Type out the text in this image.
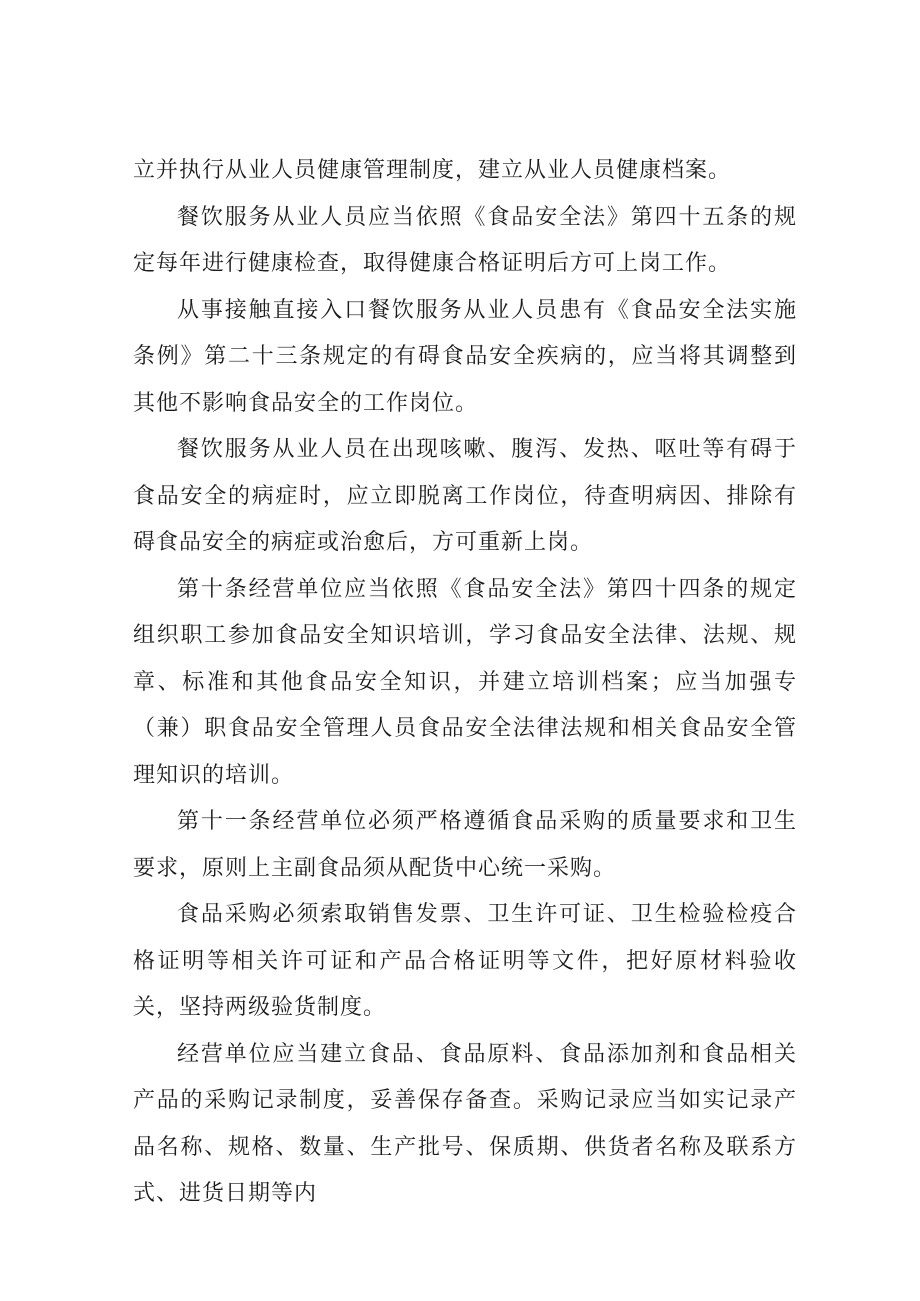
立并执行从业人员健康管理制度，建立从业人员健康档案。

餐饮服务从业人员应当依照《食品安全法》第四十五条的规定每年进行健康检查，取得健康合格证明后方可上岗工作。

从事接触直接入口餐饮服务从业人员患有《食品安全法实施条例》第二十三条规定的有碍食品安全疾病的，应当将其调整到其他不影响食品安全的工作岗位。

餐饮服务从业人员在出现咳嗽、腹泻、发热、呕吐等有碍于食品安全的病症时，应立即脱离工作岗位，待查明病因、排除有碍食品安全的病症或治愈后，方可重新上岗。

第十条经营单位应当依照《食品安全法》第四十四条的规定组织职工参加食品安全知识培训，学习食品安全法律、法规、规章、标准和其他食品安全知识，并建立培训档案；应当加强专（兼）职食品安全管理人员食品安全法律法规和相关食品安全管理知识的培训。

第十一条经营单位必须严格遵循食品采购的质量要求和卫生要求，原则上主副食品须从配货中心统一采购。

食品采购必须索取销售发票、卫生许可证、卫生检验检疫合格证明等相关许可证和产品合格证明等文件，把好原材料验收关，坚持两级验货制度。

经营单位应当建立食品、食品原料、食品添加剂和食品相关产品的采购记录制度，妥善保存备查。采购记录应当如实记录产品名称、规格、数量、生产批号、保质期、供货者名称及联系方式、进货日期等内
